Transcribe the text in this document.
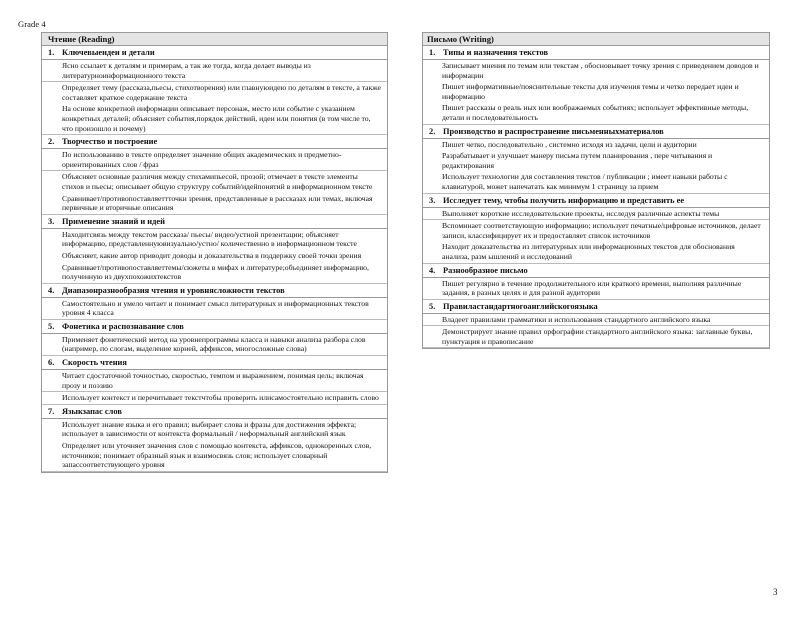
Grade 4
Чтение (Reading)
1. Ключевыеидеи и детали

Ясно ссылает к деталям и примерам, а так же тогда, когда делает выводы из литературноинформационного текста

Определяет тему (рассказа,пьесы, стихотворения) или главнуюидею по деталям в тексте, а также составляет краткое содержание текста

На основе конкретной информации описывает персонаж, место или событие с указанием конкретных деталей; объясняет события,порядок действий, идеи или понятия (в том числе то, что произошло и почему)

2. Творчество и построение

По использованию в тексте определяет значение общих академических и предметно-ориентированных слов / фраз

Объясняет основные различия между стихамипьесой, прозой; отмечает в тексте элементы стихов и пьесы; описывает общую структуру событий/идейпонятий в информационном тексте

Сравнивает/противопоставляеттточки зрения, представленные в рассказах или темах, включая первичные и вторичные описания

3. Применение знаний и идей

Находитсвязь между текстом рассказа/ пьесы/ видео/устной презентации; объясняет информацию, представленнуювизуально/устно/ количественно в информационном тексте

Объясняет, какие автор приводит доводы и доказательства в поддержку своей точки зрения

Сравнивает/противопоставляеттемы/сюжеты в мифах и литературе;объединяет информацию, полученную из двухпохожихтекстов

4. Диапазонразнообразия чтения и уровнясложности текстов

Самостоятельно и умело читает и понимает смысл литературных и информационных текстов уровня 4 класса

5. Фонетика и распознавание слов

Применяет фонетический метод на уровнепрограммы класса и навыки анализа разбора слов (например, по слогам, выделение корней, аффиксов, многосложные слова)

6. Скорость чтения

Читает сдостаточной точностью, скоростью, темпом и выражением, понимая цель; включая прозу и поэзию

Использует контекст и перечитывает текстчтобы проверить илисамостоятельно исправить слово

7. Языкзапас слов

Использует знание языка и его правил; выбирает слова и фразы для достижения эффекта; использует в зависимости от контекста формальный / неформальный английский язык

Определяет или уточняет значения слов с помощью контекста, аффиксов, однокоренных слов, источников; понимает образный язык и взаимосвязь слов; использует словарный запассоответствующего уровня

Письмо (Writing)
1. Типы и назначения текстов

Записывает мнения по темам или текстам , обосновывает точку зрения с приведением доводов и информации

Пишет информативные/пояснительные тексты для изучения темы и четко передает идеи и информацию

Пишет рассказы о реаль ных или воображаемых событиях; использует эффективные методы, детали и последовательность

2. Производство и распространение письменныхматериалов

Пишет четко, последовательно , системно исходя из задачи, цели и аудитории

Разрабатывает и улучшает манеру письма путем планирования , пере читывания и редактирования

Использует технологии для составления текстов / публикации ; имеет навыки работы с клавиатурой, может напечатать как минимум 1 страницу за прием

3. Исследует тему, чтобы получить информацию и представить ее

Выполняет короткие исследовательские проекты, исследуя различные аспекты темы

Вспоминает соответствующую информацию; использует печатные/цифровые источников, делает записи, классифицирует их и предоставляет список источников

Находит доказательства из литературных или информационных текстов для обоснования анализа, разм ышлений и исследований

4. Разнообразное письмо

Пишет регулярно в течение продолжительного или краткого времени, выполняя различные задания, в разных целях и для разной аудитории

5. Правиластандартногоанглийскогоязыка

Владеет правилами грамматики и использования стандартного английского языка

Демонстрирует знание правил орфографии стандартного английского языка: заглавные буквы, пунктуация и правописание

3
